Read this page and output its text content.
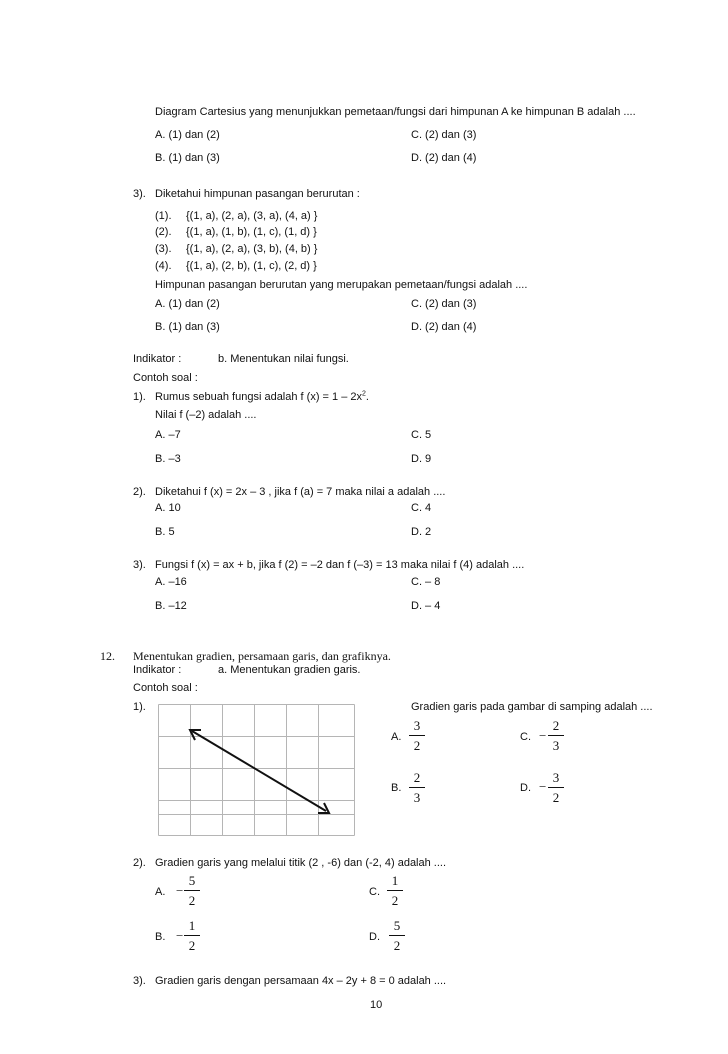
Diagram Cartesius yang menunjukkan pemetaan/fungsi dari himpunan A ke himpunan B adalah ....
A. (1) dan (2)	C. (2) dan (3)
B. (1) dan (3)	D. (2) dan (4)
3). Diketahui himpunan pasangan berurutan :
(1). {(1, a), (2, a), (3, a), (4, a) }
(2). {(1, a), (1, b), (1, c), (1, d) }
(3). {(1, a), (2, a), (3, b), (4, b) }
(4). {(1, a), (2, b), (1, c), (2, d) }
Himpunan pasangan berurutan yang merupakan pemetaan/fungsi adalah ....
A. (1) dan (2)	C. (2) dan (3)
B. (1) dan (3)	D. (2) dan (4)
Indikator :	b. Menentukan nilai fungsi.
Contoh soal :
1). Rumus sebuah fungsi adalah f $(x) = 1 - 2x^2$.
Nilai f (–2) adalah ....
A. –7	C. 5
B. –3	D. 9
2). Diketahui f (x) = 2x – 3 , jika f (a) = 7 maka nilai a adalah ....
A. 10	C. 4
B. 5	D. 2
3). Fungsi f (x) = ax + b, jika f (2) = –2 dan f (–3) = 13 maka nilai f (4) adalah ....
A. –16	C. – 8
B. –12	D. – 4
12. Menentukan gradien, persamaan garis, dan grafiknya.
Indikator :	a. Menentukan gradien garis.
Contoh soal :
1).	Gradien garis pada gambar di samping adalah ....
A.
3
2
C. −
2
3
B.
2
3
D. −
3
2
2). Gradien garis yang melalui titik (2 , -6) dan (-2, 4) adalah ....
A. −
5
2
C.
1
2
B. −
1
2
D.
5
2
3). Gradien garis dengan persamaan 4x – 2y + 8 = 0 adalah ....
10
